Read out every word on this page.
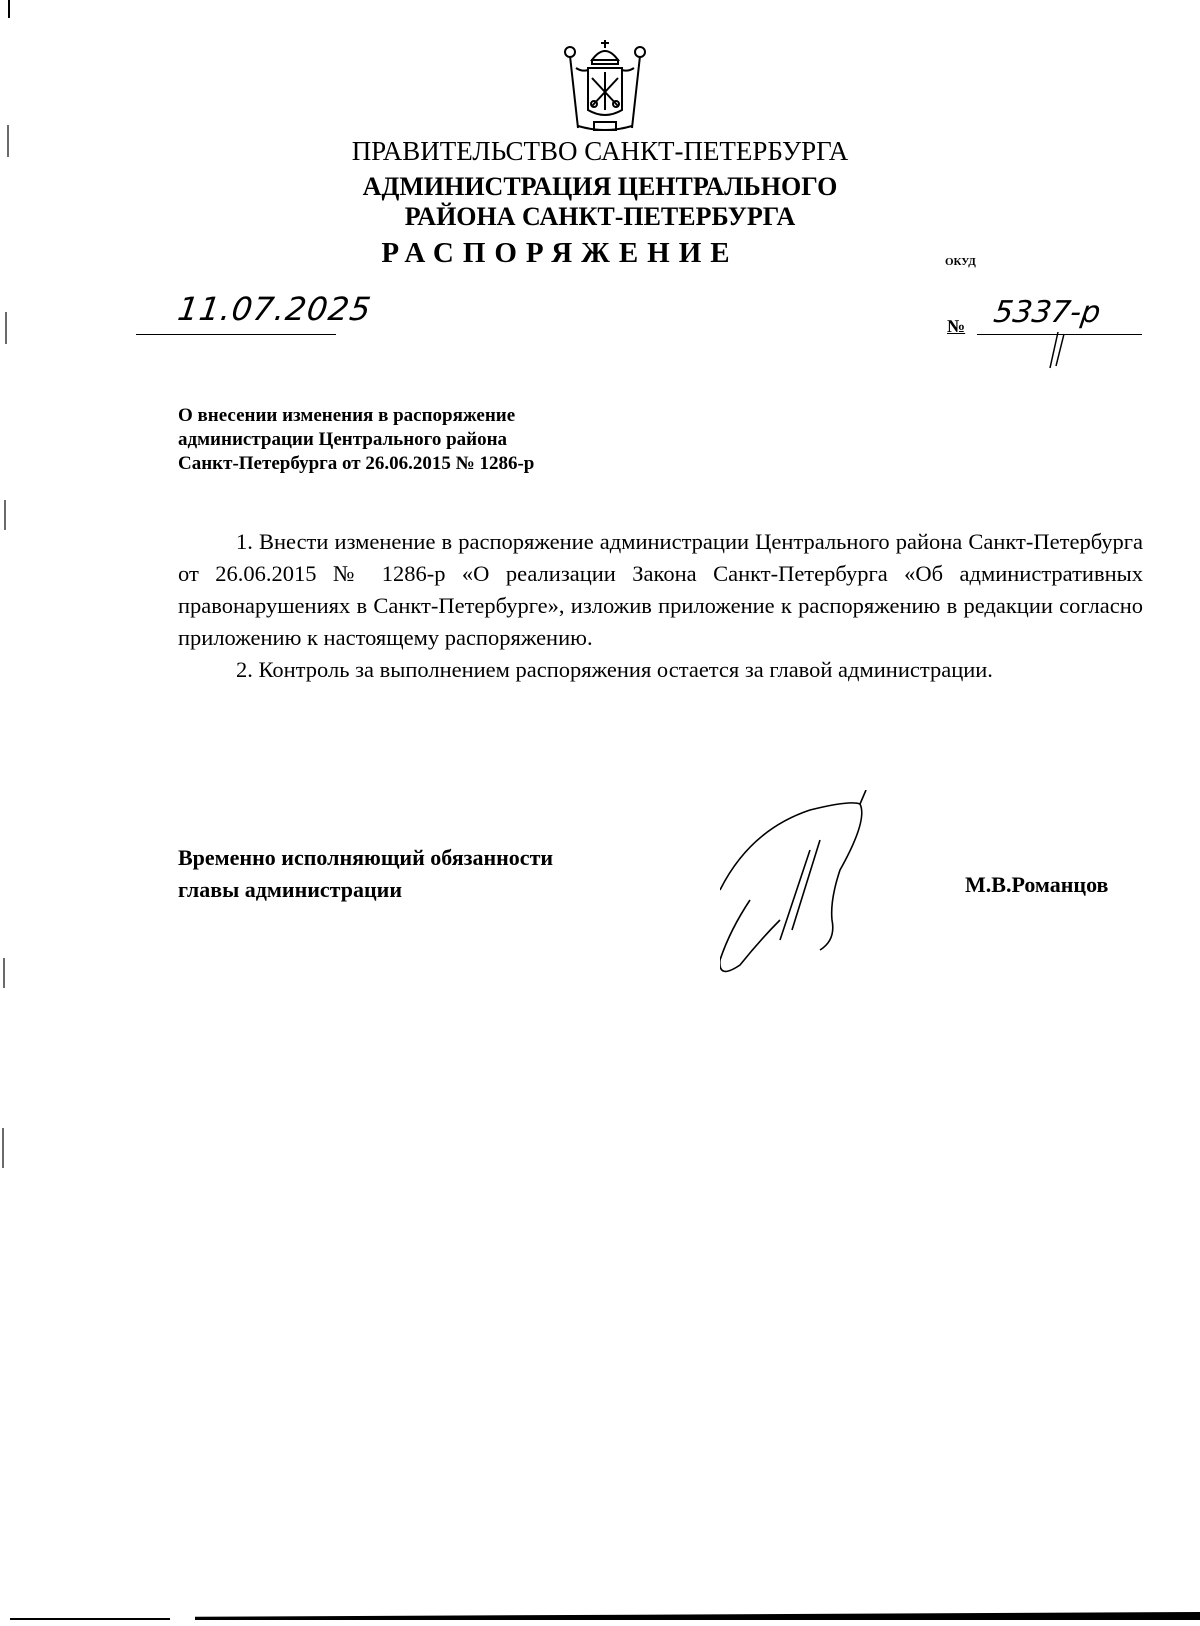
ПРАВИТЕЛЬСТВО САНКТ-ПЕТЕРБУРГА
АДМИНИСТРАЦИЯ ЦЕНТРАЛЬНОГО
РАЙОНА САНКТ-ПЕТЕРБУРГА
РАСПОРЯЖЕНИЕ	ОКУД
11.07.2025	№ 5337-р
О внесении изменения в распоряжение
администрации Центрального района
Санкт-Петербурга от 26.06.2015 № 1286-р

1. Внести изменение в распоряжение администрации Центрального района Санкт-Петербурга от 26.06.2015 № 1286-р «О реализации Закона Санкт-Петербурга «Об административных правонарушениях в Санкт-Петербурге», изложив приложение к распоряжению в редакции согласно приложению к настоящему распоряжению.

2. Контроль за выполнением распоряжения остается за главой администрации.

Временно исполняющий обязанности
главы администрации	М.В.Романцов
